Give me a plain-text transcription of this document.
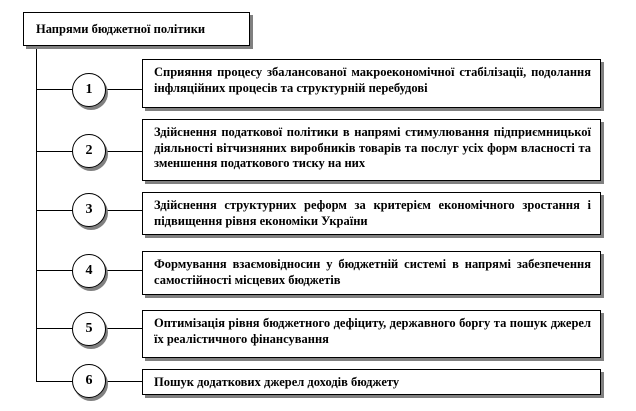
Напрями бюджетної політики
1
Сприяння процесу збалансованої макроекономічної стабілізації, подолання інфляційних процесів та структурній перебудові
2
Здійснення податкової політики в напрямі стимулювання підприємницької діяльності вітчизняних виробників товарів та послуг усіх форм власності та зменшення податкового тиску на них
3	Здійснення структурних реформ за критерієм економічного зростання і підвищення рівня економіки України
4	Формування взаємовідносин у бюджетній системі в напрямі забезпечення самостійності місцевих бюджетів
5	Оптимізація рівня бюджетного дефіциту, державного боргу та пошук джерел їх реалістичного фінансування
6	Пошук додаткових джерел доходів бюджету
